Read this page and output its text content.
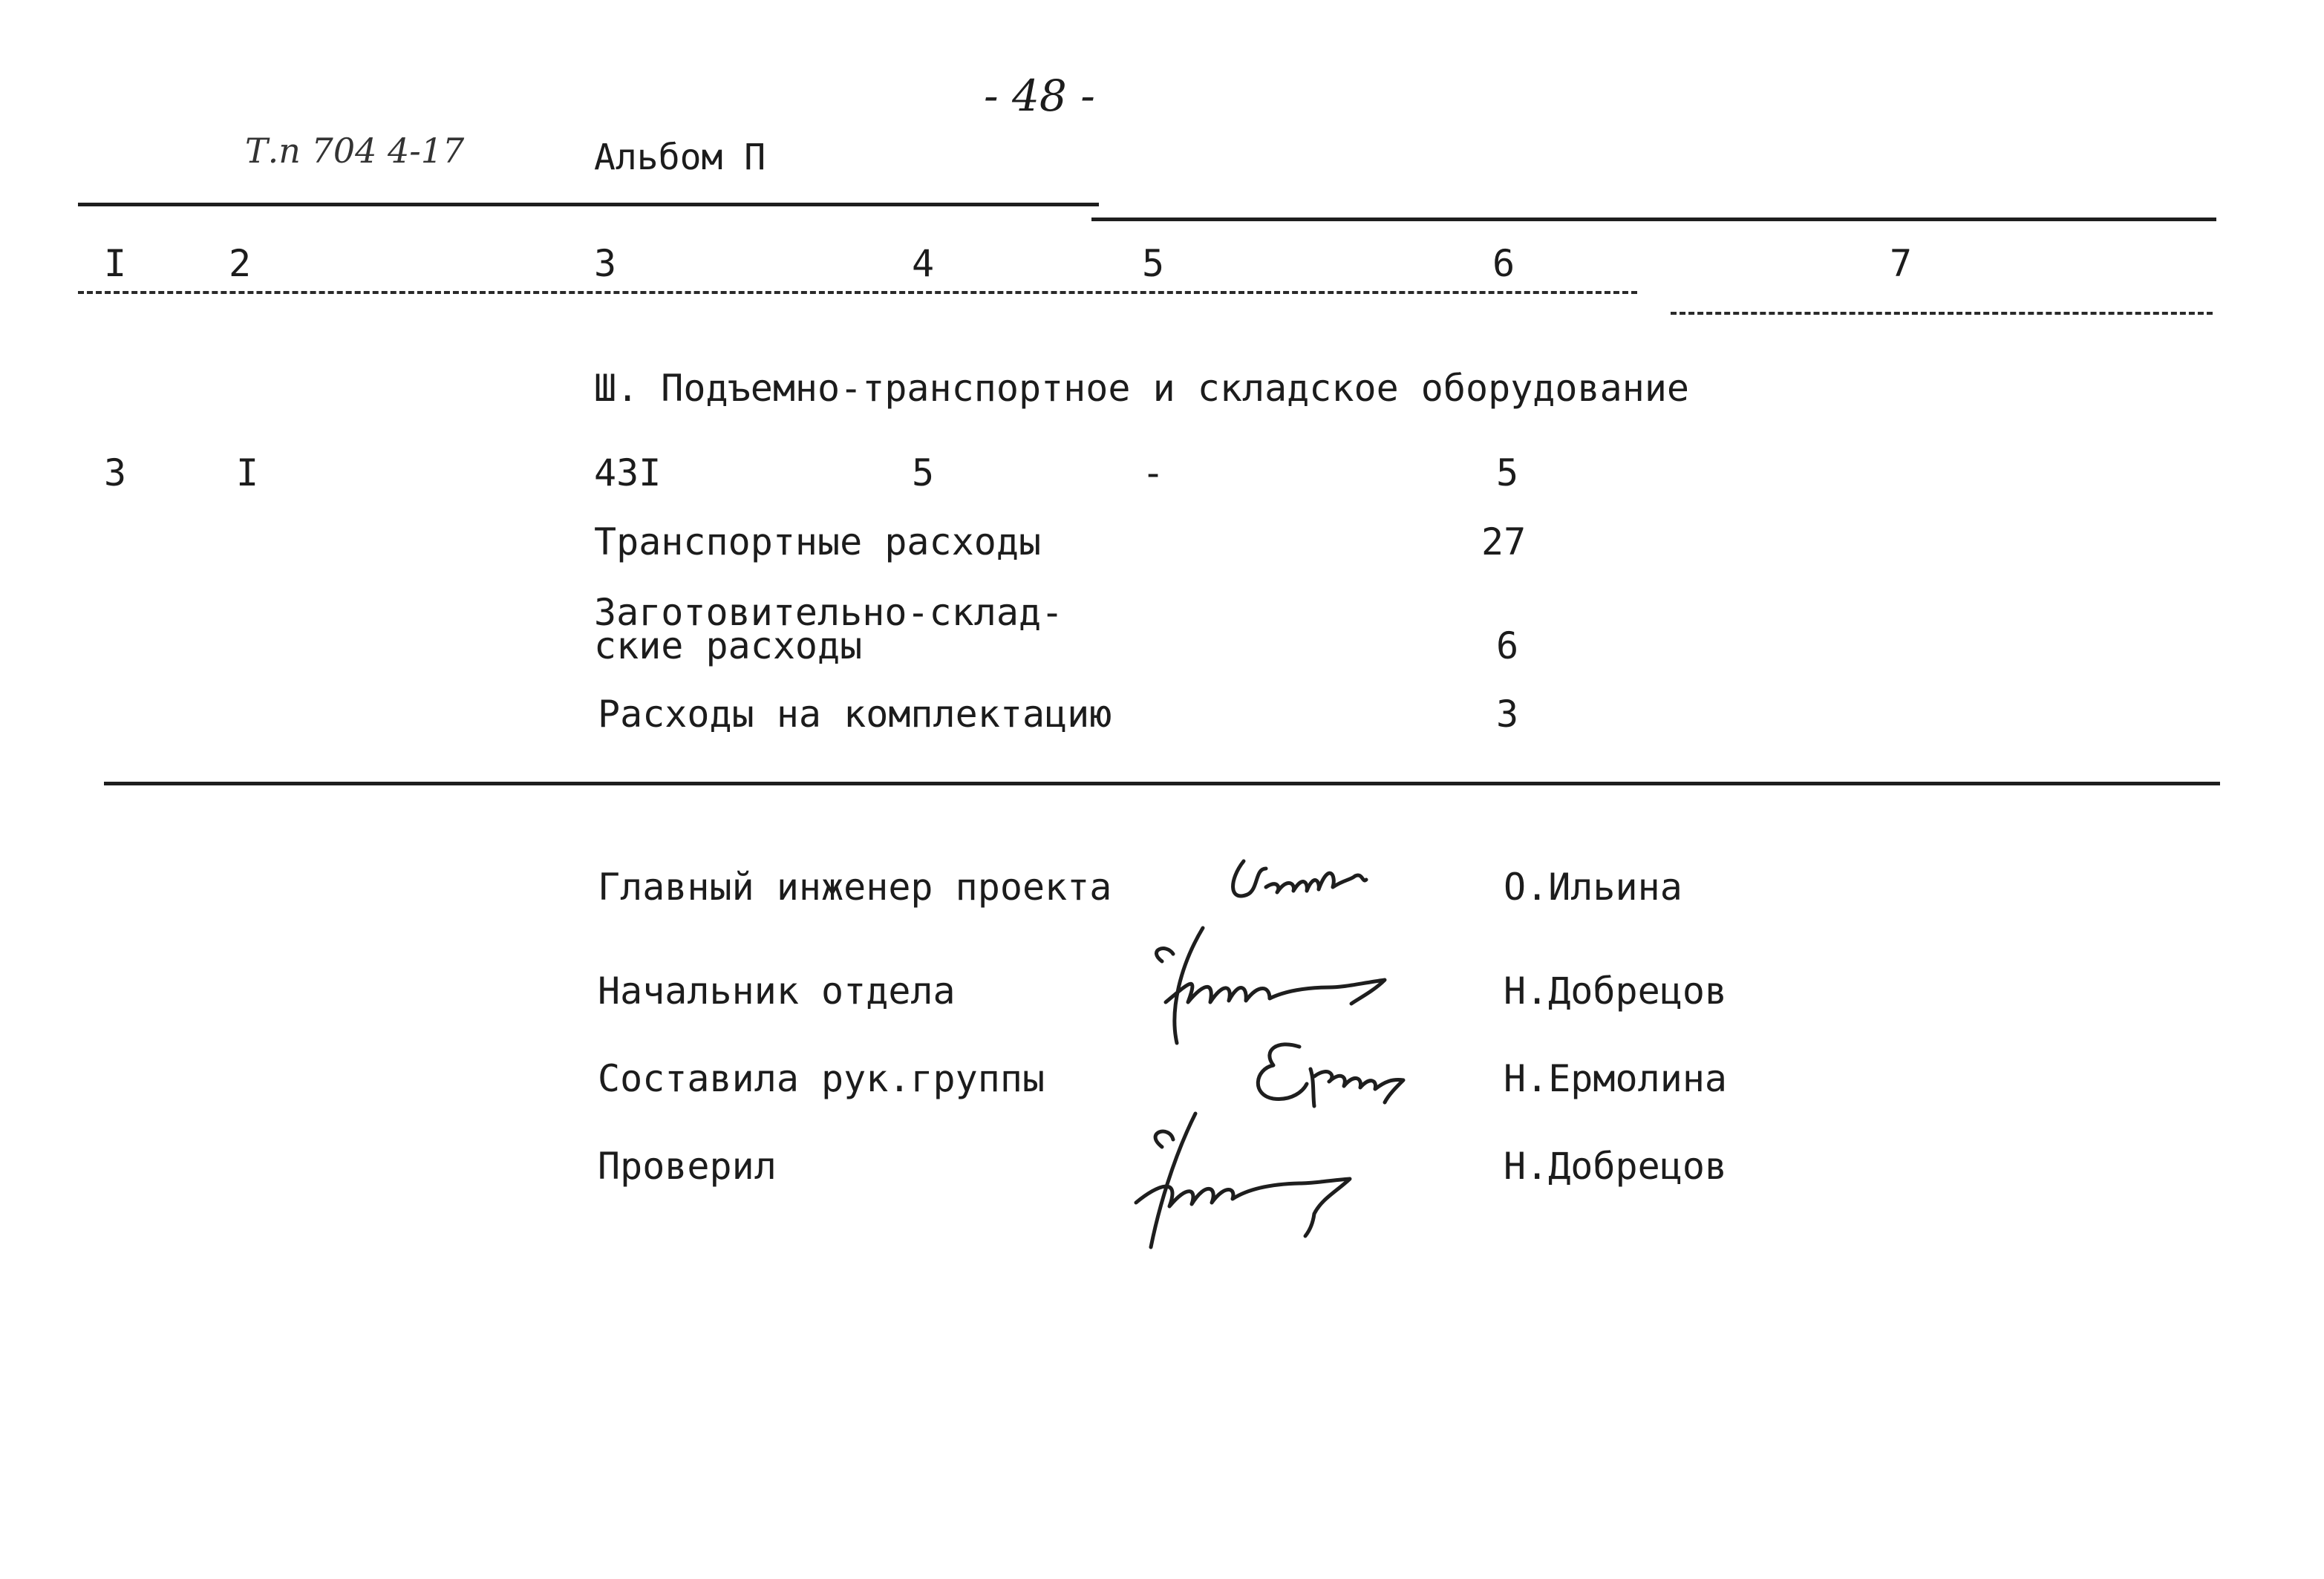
- 48 -
Т.п 704 4-17	Альбом П
I	2	3	4	5	6	7
Ш. Подъемно-транспортное и складское оборудование
3	I	43I	5	-	5
Транспортные расходы	27
Заготовительно-склад-
ские расходы	6
Расходы на комплектацию	3
Главный инженер проекта	О.Ильина
Начальник отдела	Н.Добрецов
Составила рук.группы	Н.Ермолина
Проверил	Н.Добрецов
